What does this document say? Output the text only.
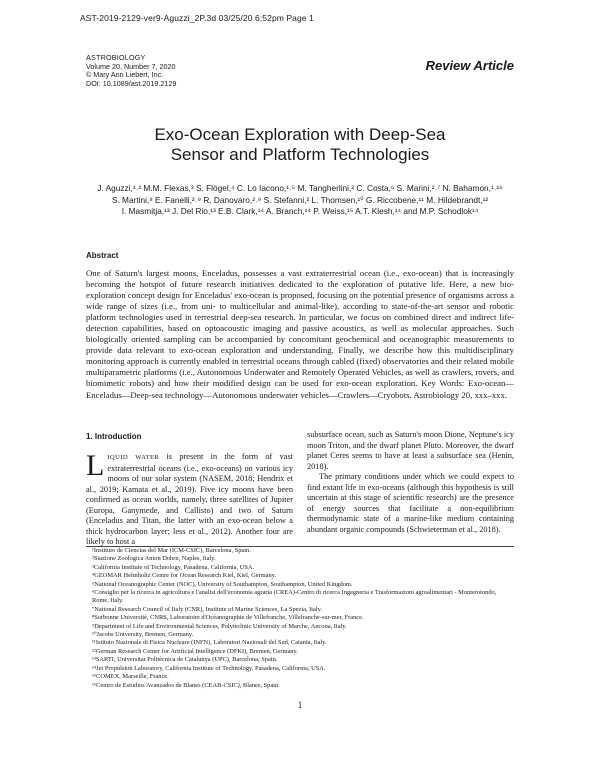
AST-2019-2129-ver9-Aguzzi_2P.3d 03/25/20 6:52pm Page 1
ASTROBIOLOGY
Volume 20, Number 7, 2020
© Mary Ann Liebert, Inc.
DOI: 10.1089/ast.2019.2129
Review Article
Exo-Ocean Exploration with Deep-Sea
Sensor and Platform Technologies
J. Aguzzi,¹˒² M.M. Flexas,³ S. Flögel,⁴ C. Lo Iacono,¹˒⁵ M. Tangherlini,² C. Costa,⁶ S. Marini,²˒⁷ N. Bahamon,¹˒¹⁶
S. Martini,⁸ E. Fanelli,²˒⁹ R. Danovaro,²˒⁹ S. Stefanni,² L. Thomsen,¹⁰ G. Riccobene,¹¹ M. Hildebrandt,¹²
I. Masmitja,¹³ J. Del Rio,¹³ E.B. Clark,¹⁴ A. Branch,¹⁴ P. Weiss,¹⁵ A.T. Klesh,¹⁴ and M.P. Schodlok¹⁴
Abstract
One of Saturn's largest moons, Enceladus, possesses a vast extraterrestrial ocean (i.e., exo-ocean) that is increasingly becoming the hotspot of future research initiatives dedicated to the exploration of putative life. Here, a new bio-exploration concept design for Enceladus' exo-ocean is proposed, focusing on the potential presence of organisms across a wide range of sizes (i.e., from uni- to multicellular and animal-like), according to state-of-the-art sensor and robotic platform technologies used in terrestrial deep-sea research. In particular, we focus on combined direct and indirect life-detection capabilities, based on optoacoustic imaging and passive acoustics, as well as molecular approaches. Such biologically oriented sampling can be accompanied by concomitant geochemical and oceanographic measurements to provide data relevant to exo-ocean exploration and understanding. Finally, we describe how this multidisciplinary monitoring approach is currently enabled in terrestrial oceans through cabled (fixed) observatories and their related mobile multiparametric platforms (i.e., Autonomous Underwater and Remotely Operated Vehicles, as well as crawlers, rovers, and biomimetic robots) and how their modified design can be used for exo-ocean exploration. Key Words: Exo-ocean—Enceladus—Deep-sea technology—Autonomous underwater vehicles—Crawlers—Cryobots. Astrobiology 20, xxx–xxx.
1. Introduction
LIQUID WATER is present in the form of vast extraterrestrial oceans (i.e., exo-oceans) on various icy moons of our solar system (NASEM, 2018; Hendrix et al., 2019; Kamata et al., 2019). Five icy moons have been confirmed as ocean worlds, namely, three satellites of Jupiter (Europa, Ganymede, and Callisto) and two of Saturn (Enceladus and Titan, the latter with an exo-ocean below a thick hydrocarbon layer; less et al., 2012). Another four are likely to host a
subsurface ocean, such as Saturn's moon Dione, Neptune's icy moon Triton, and the dwarf planet Pluto. Moreover, the dwarf planet Ceres seems to have at least a subsurface sea (Henin, 2018).
The primary conditions under which we could expect to find extant life in exo-oceans (although this hypothesis is still uncertain at this stage of scientific research) are the presence of energy sources that facilitate a non-equilibrium thermodynamic state of a marine-like medium containing abundant organic compounds (Schwieterman et al., 2018).
¹Instituto de Ciencias del Mar (ICM-CSIC), Barcelona, Spain.
²Stazione Zoologica Anton Dohrn, Naples, Italy.
³California Institute of Technology, Pasadena, California, USA.
⁴GEOMAR Helmholtz Centre for Ocean Research Kiel, Kiel, Germany.
⁵National Oceanographic Center (NOC), University of Southampton, Southampton, United Kingdom.
⁶Consiglio per la ricerca in agricoltura e l'analisi dell'economia agraria (CREA)-Centro di ricerca Ingegneria e Trasformazioni agroalimentari - Monterotondo, Rome, Italy.
⁷National Research Council of Italy (CNR), Institute of Marine Sciences, La Spezia, Italy.
⁸Sorbonne Université, CNRS, Laboratoire d'Océanographie de Villefranche, Villefranche-sur-mer, France.
⁹Department of Life and Environmental Sciences, Polytechnic University of Marche, Ancona, Italy.
¹⁰Jacobs University, Bremen, Germany.
¹¹Istituto Nazionale di Fisica Nucleare (INFN), Laboratori Nazionali del Sud, Catania, Italy.
¹²German Research Center for Artificial Intelligence (DFKI), Bremen, Germany.
¹³SARTI, Universitat Politècnica de Catalunya (UPC), Barcelona, Spain.
¹⁴Jet Propulsion Laboratory, California Institute of Technology, Pasadena, California, USA.
¹⁵COMEX, Marseille, France.
¹⁶Centro de Estudios Avanzados de Blanes (CEAB-CSIC), Blanes, Spain.
1
